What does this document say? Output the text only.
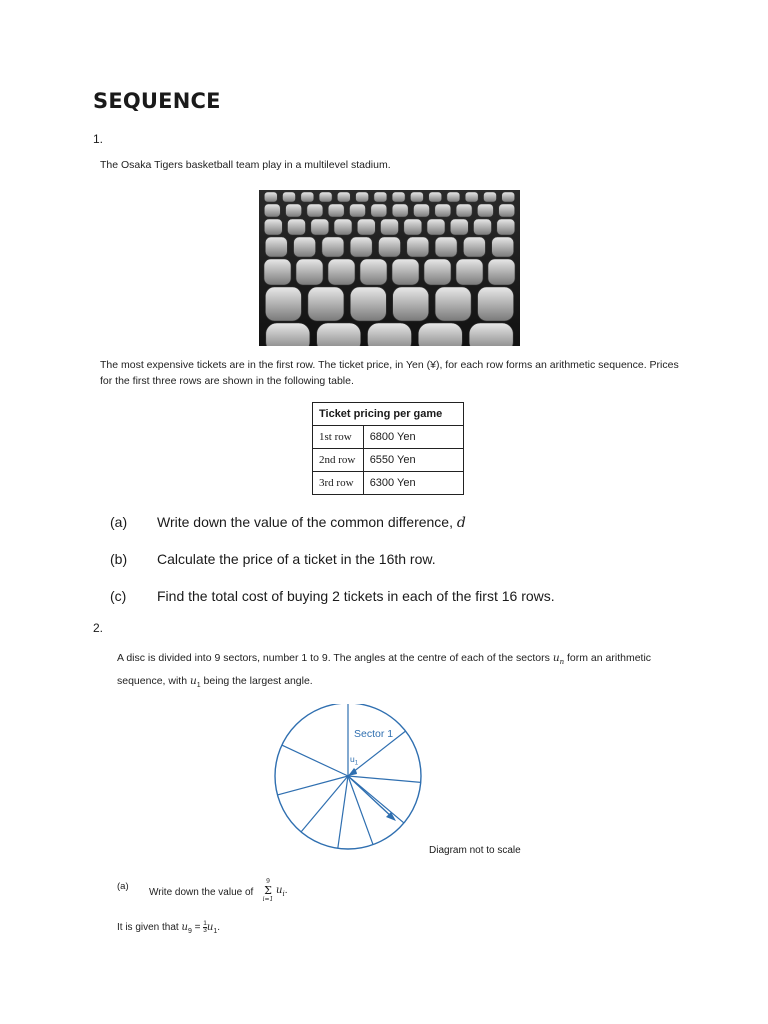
SEQUENCE
1.
The Osaka Tigers basketball team play in a multilevel stadium.
The most expensive tickets are in the first row. The ticket price, in Yen (¥), for each row forms an arithmetic sequence. Prices
for the first three rows are shown in the following table.
Ticket pricing per game	
1st row	6800 Yen
2nd row	6550 Yen
3rd row	6300 Yen
(a) Write down the value of the common difference, d
(b) Calculate the price of a ticket in the 16th row.
(c) Find the total cost of buying 2 tickets in each of the first 16 rows.
2.
A disc is divided into 9 sectors, number 1 to 9. The angles at the centre of each of the sectors $u_n$ form an arithmetic
sequence, with $u_1$ being the largest angle.
Sector 1
$u_1$
Diagram not to scale
(a)
Write down the value of
9
Σ
i=1
$u_i$.
It is given that $u_9 = \frac{1}{3} u_1$.
